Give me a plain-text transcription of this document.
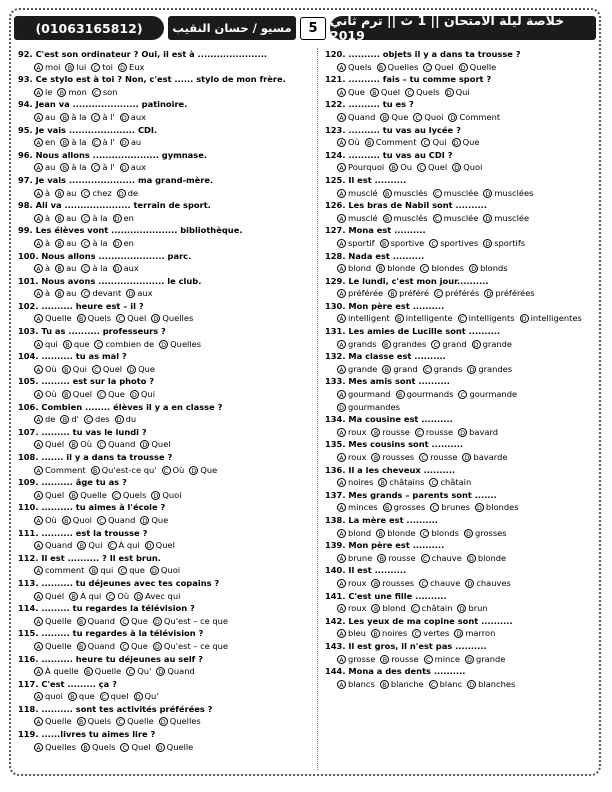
(01063165812)	مسيو / حسان النقيب	5 خلاصة ليلة الامتحان || 1 ث || ترم ثاني 2019
92. C'est son ordinateur ? Oui, il est à ......................
A moi B lui C toi D Eux
93. Ce stylo est à toi ? Non, c'est ...... stylo de mon frère.
A le B mon C son
94. Jean va ..................... patinoire.
A au B à la C à l' D aux
95. Je vais ..................... CDI.
A en B à la C à l' D au
96. Nous allons ..................... gymnase.
A au B à la C à l' D aux
97. Je vais ..................... ma grand-mère.
A à B au C chez D de
98. Ali va ..................... terrain de sport.
A à B au C à la D en
99. Les élèves vont ..................... bibliothèque.
A à B au C à la D en
100. Nous allons ..................... parc.
A à B au C à la D aux
101. Nous avons ..................... le club.
A à B au C devant D aux
102. .......... heure est – il ?
A Quelle B Quels C Quel D Quelles
103. Tu as .......... professeurs ?
A qui B que C combien de D Quelles
104. .......... tu as mal ?
A Où B Qui C Quel D Que
105. ......... est sur la photo ?
A Où B Quel C Que D Qui
106. Combien ........ élèves il y a en classe ?
A de B d' C des D du
107. ......... tu vas le lundi ?
A Quel B Où C Quand D Quel
108. ....... il y a dans ta trousse ?
A Comment B Qu'est-ce qu' C Où D Que
109. .......... âge tu as ?
A Quel B Quelle C Quels D Quoi
110. .......... tu aimes à l'école ?
A Où B Quoi C Quand D Que
111. .......... est la trousse ?
A Quand B Qui C À qui D Quel
112. Il est .......... ? Il est brun.
A comment B qui C que D Quoi
113. .......... tu déjeunes avec tes copains ?
A Quel B À qui C Où D Avec qui
114. ......... tu regardes la télévision ?
A Quelle B Quand C Que D Qu'est – ce que
115. ......... tu regardes à la télévision ?
A Quelle B Quand C Que D Qu'est – ce que
116. .......... heure tu déjeunes au self ?
A À quelle B Quelle C Qu' D Quand
117. C'est ......... ça ?
A quoi B que C quel D Qu'
118. .......... sont tes activités préférées ?
A Quelle B Quels C Quelle D Quelles
119. ......livres tu aimes lire ?
A Quelles B Quels C Quel D Quelle
120. .......... objets il y a dans ta trousse ?
A Quels B Quelles C Quel D Quelle
121. .......... fais – tu comme sport ?
A Que B Quel C Quels D Qui
122. .......... tu es ?
A Quand B Que C Quoi D Comment
123. .......... tu vas au lycée ?
A Où B Comment C Qui D Que
124. .......... tu vas au CDI ?
A Pourquoi B Ou C Quel D Quoi
125. Il est ..........
A musclé B musclés C musclée D musclées
126. Les bras de Nabil sont ..........
A musclé B musclés C musclée D musclée
127. Mona est ..........
A sportif B sportive C sportives D sportifs
128. Nada est ..........
A blond B blonde C blondes D blonds
129. Le lundi, c'est mon jour..........
A préférée B préféré C préférés D préférées
130. Mon père est ..........
A intelligent B intelligente C intelligents D intelligentes
131. Les amies de Lucille sont ..........
A grands B grandes C grand D grande
132. Ma classe est ..........
A grande B grand C grands D grandes
133. Mes amis sont ..........
A gourmand B gourmands C gourmande
D gourmandes
134. Ma cousine est ..........
A roux B rousse C rousse D bavard
135. Mes cousins sont ..........
A roux B rousses C rousse D bavarde
136. Il a les cheveux ..........
A noires B châtains C châtain
137. Mes grands – parents sont .......
A minces B grosses C brunes D blondes
138. La mère est ..........
A blond B blonde C blonds D grosses
139. Mon père est ..........
A brune B rousse C chauve D blonde
140. Il est ..........
A roux B rousses C chauve D chauves
141. C'est une fille ..........
A roux B blond C châtain D brun
142. Les yeux de ma copine sont ..........
A bleu B noires C vertes D marron
143. Il est gros, il n'est pas ..........
A grosse B rousse C mince D grande
144. Mona a des dents ..........
A blancs B blanche C blanc D blanches
